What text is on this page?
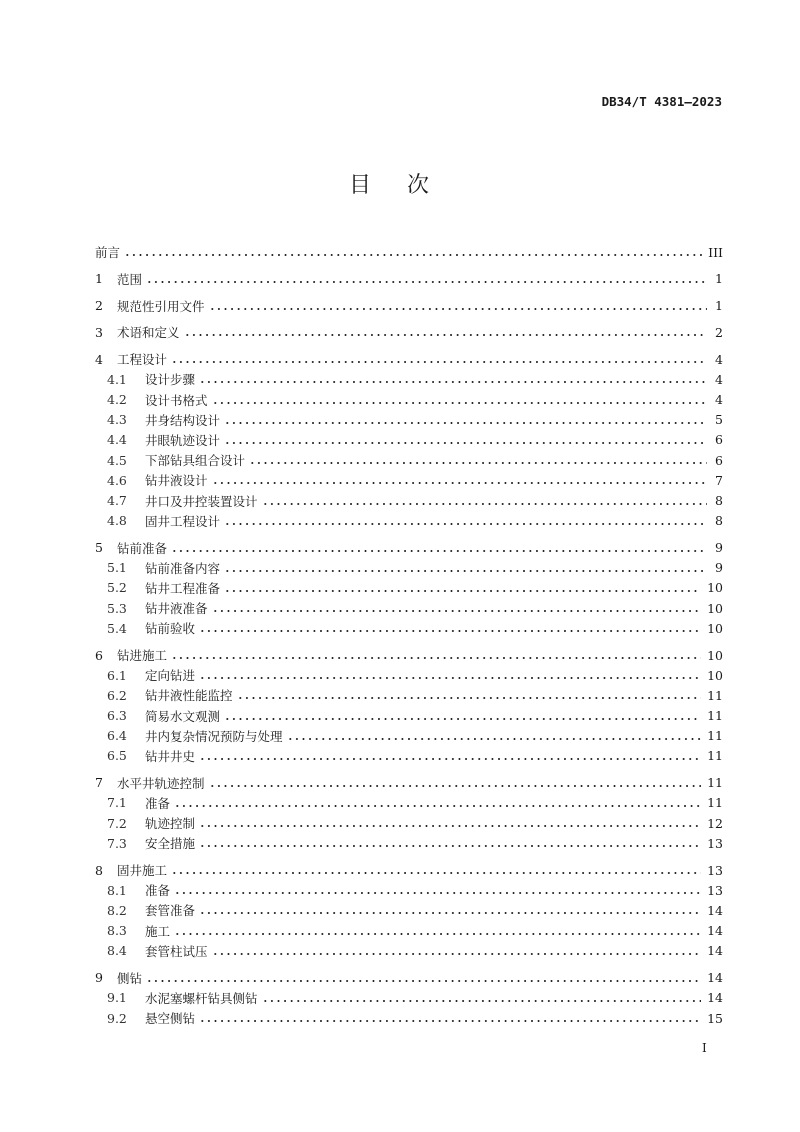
DB34/T 4381—2023
目次
前言	III
1	范围	1
2	规范性引用文件	1
3	术语和定义	2
4	工程设计	4
4.1	设计步骤	4
4.2	设计书格式	4
4.3	井身结构设计	5
4.4	井眼轨迹设计	6
4.5	下部钻具组合设计	6
4.6	钻井液设计	7
4.7	井口及井控装置设计	8
4.8	固井工程设计	8
5	钻前准备	9
5.1	钻前准备内容	9
5.2	钻井工程准备	10
5.3	钻井液准备	10
5.4	钻前验收	10
6	钻进施工	10
6.1	定向钻进	10
6.2	钻井液性能监控	11
6.3	简易水文观测	11
6.4	井内复杂情况预防与处理	11
6.5	钻井井史	11
7	水平井轨迹控制	11
7.1	准备	11
7.2	轨迹控制	12
7.3	安全措施	13
8	固井施工	13
8.1	准备	13
8.2	套管准备	14
8.3	施工	14
8.4	套管柱试压	14
9	侧钻	14
9.1	水泥塞螺杆钻具侧钻	14
9.2	悬空侧钻	15
I
